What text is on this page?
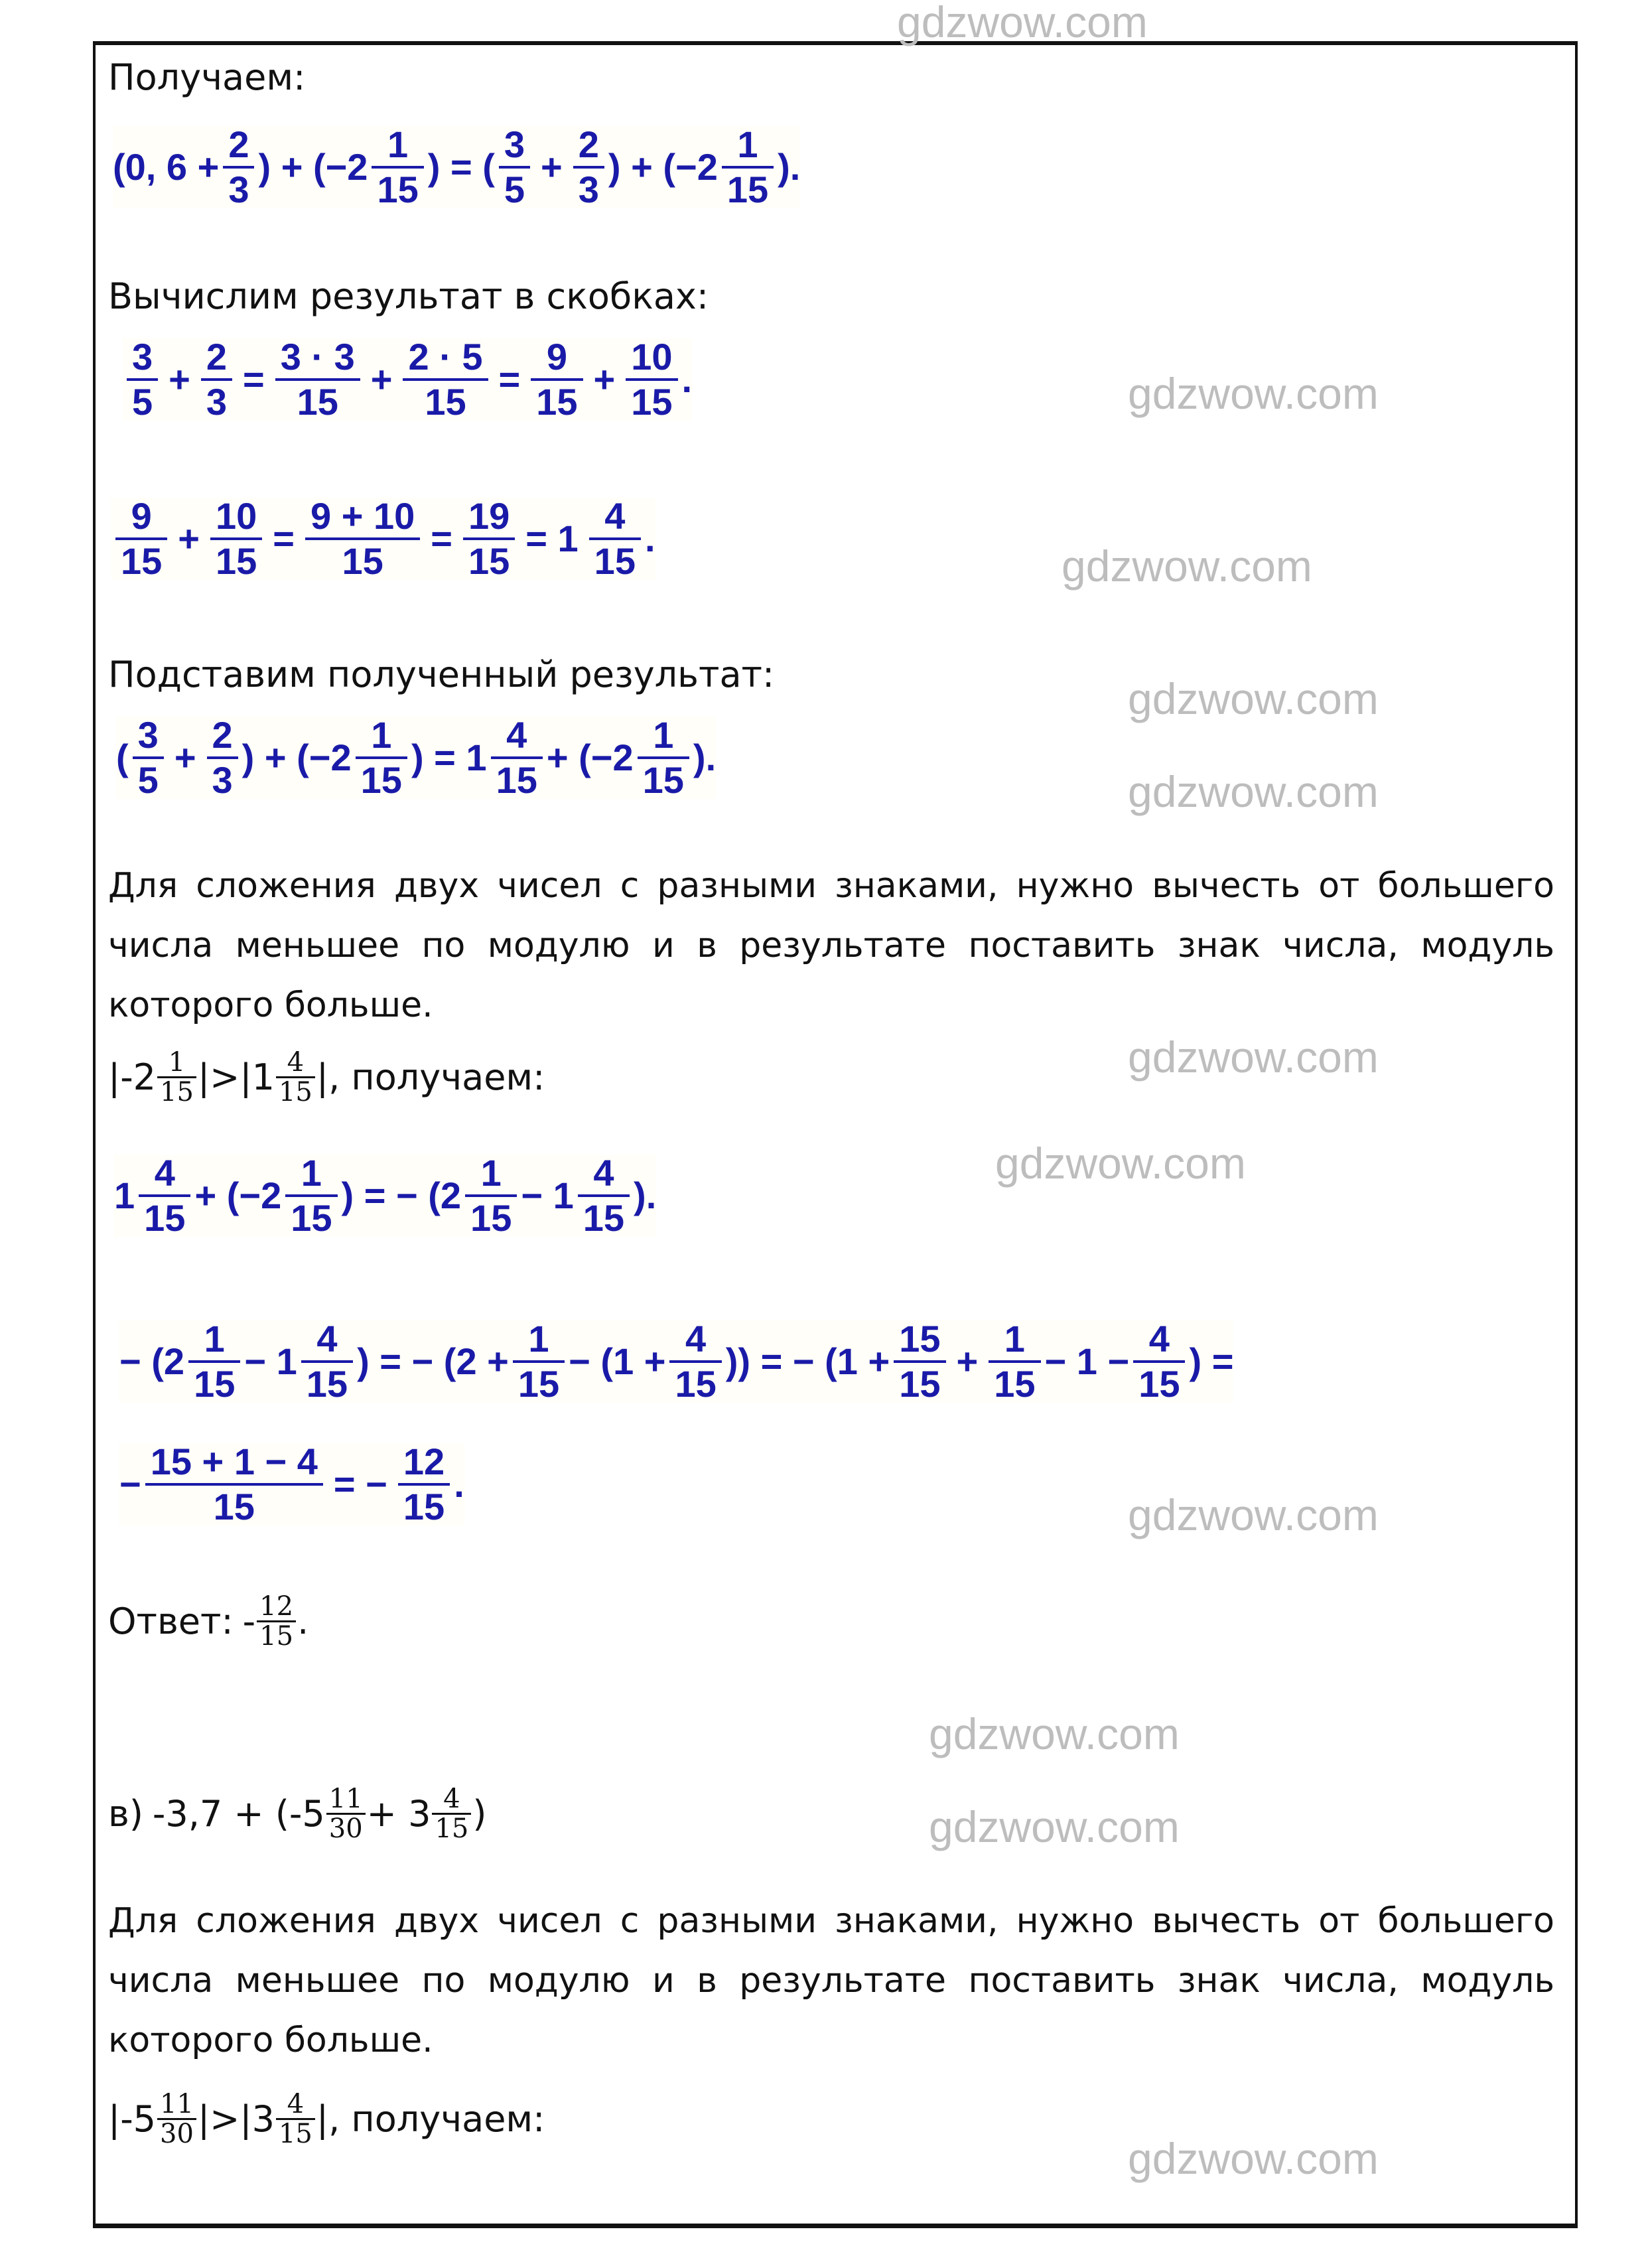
gdzwow.com
gdzwow.com
gdzwow.com
gdzwow.com
gdzwow.com
gdzwow.com
gdzwow.com
gdzwow.com
gdzwow.com
gdzwow.com
gdzwow.com
Получаем:
(0, $6 + \frac{2}{3}$ ) + ($-2 \frac{1}{15}$ ) = ( $\frac{3}{5} + \frac{2}{3}$ ) + ($-2 \frac{1}{15}$ ).
Вычислим результат в скобках:
$\frac{3}{5} + \frac{2}{3} = \frac{3 \cdot 3}{15} + \frac{2 \cdot 5}{15} = \frac{9}{15} + \frac{10}{15}$ .
$\frac{9}{15} + \frac{10}{15} = \frac{9 + 10}{15} = \frac{19}{15} = 1 \frac{4}{15}$ .
Подставим полученный результат:
( $\frac{3}{5} + \frac{2}{3}$ ) + ($-2 \frac{1}{15}$ ) = $1 \frac{4}{15} + (-2 \frac{1}{15}$ ).
Для сложения двух чисел с разными знаками, нужно вычесть от большего числа меньшее по модулю и в результате поставить знак числа, модуль которого больше.
|-2 1
15 |>|1 4
15 | , получаем:
$1 \frac{4}{15} + (-2 \frac{1}{15}$ ) = − ($2 \frac{1}{15} - 1 \frac{4}{15}$ ).
− ($2 \frac{1}{15} - 1 \frac{4}{15}$ ) = − ($2 + \frac{1}{15} - (1 + \frac{4}{15}$ )) = − ($1 + \frac{15}{15} + \frac{1}{15} - 1 - \frac{4}{15}$ ) =
− $\frac{15 + 1 - 4}{15}$ = − $\frac{12}{15}$ .
Ответ: - 12
15 .
в) -3,7 + (-5 11
30 + 3 4
15 )
Для сложения двух чисел с разными знаками, нужно вычесть от большего числа меньшее по модулю и в результате поставить знак числа, модуль которого больше.
|-5 11
30 |>|3 4
15 | , получаем:
